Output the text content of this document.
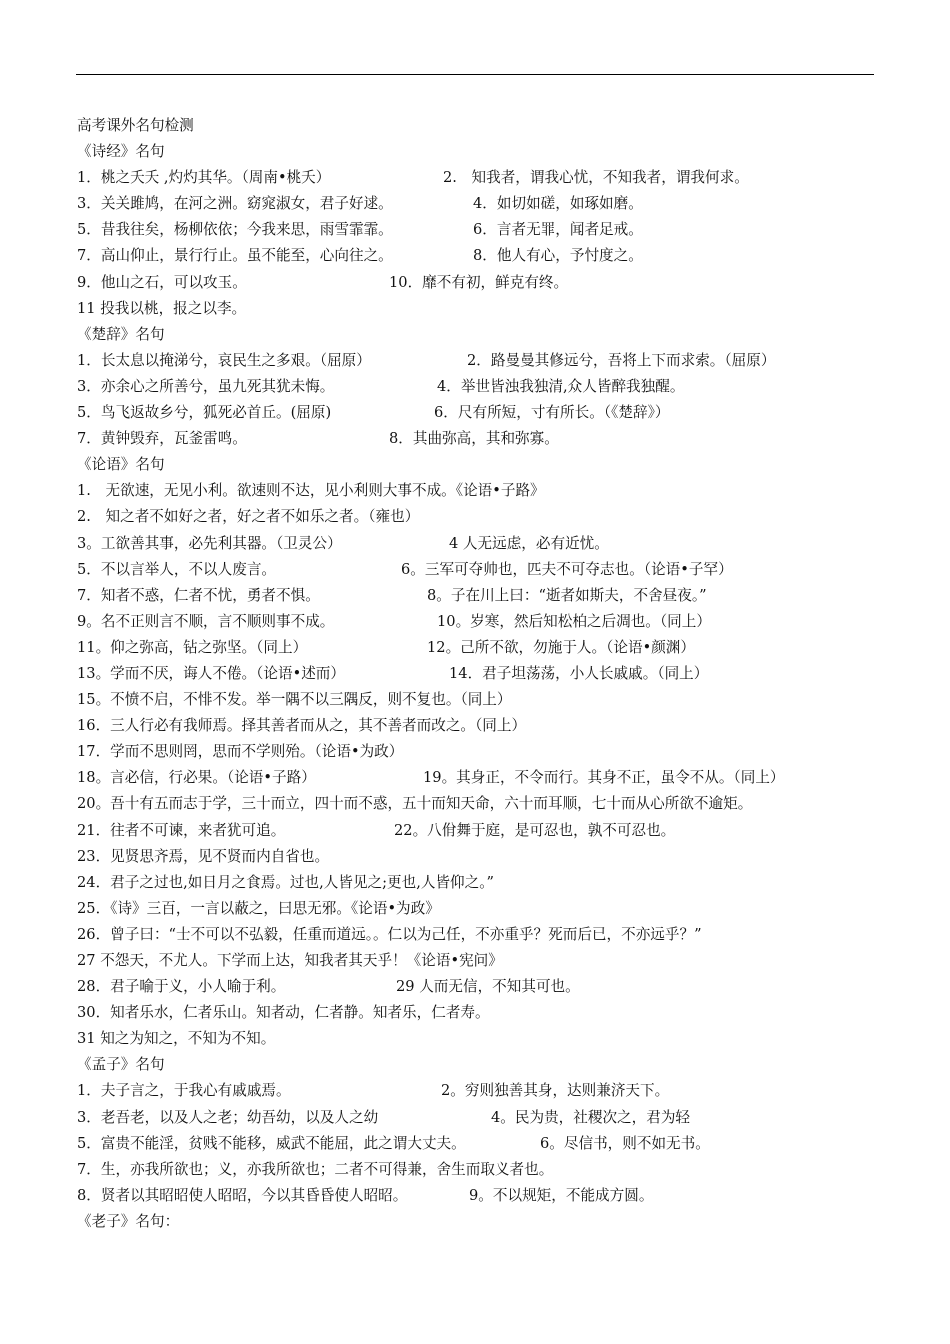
高考课外名句检测
《诗经》名句
1．桃之夭夭 ,灼灼其华。（周南•桃夭）	2.　知我者，谓我心忧，不知我者，谓我何求。
3．关关雎鸠，在河之洲。窈窕淑女，君子好逑。	4．如切如磋，如琢如磨。
5．昔我往矣，杨柳依依；今我来思，雨雪霏霏。	6．言者无罪，闻者足戒。
7．高山仰止，景行行止。虽不能至，心向往之。	8．他人有心，予忖度之。
9．他山之石，可以攻玉。	10．靡不有初，鲜克有终。
11 投我以桃，报之以李。
《楚辞》名句
1．长太息以掩涕兮，哀民生之多艰。（屈原）	2．路曼曼其修远兮，吾将上下而求索。（屈原）
3．亦余心之所善兮，虽九死其犹未悔。	4．举世皆浊我独清,众人皆醉我独醒。
5．鸟飞返故乡兮，狐死必首丘。(屈原)	6．尺有所短，寸有所长。（《楚辞》）
7．黄钟毁弃，瓦釜雷鸣。	8．其曲弥高，其和弥寡。
《论语》名句
1.　无欲速，无见小利。欲速则不达，见小利则大事不成。《论语•子路》
2.　知之者不如好之者，好之者不如乐之者。（雍也）
3。工欲善其事，必先利其器。（卫灵公）	4 人无远虑，必有近忧。
5．不以言举人，不以人废言。	6。三军可夺帅也，匹夫不可夺志也。（论语•子罕）
7．知者不惑，仁者不忧，勇者不惧。	8。子在川上曰：“逝者如斯夫，不舍昼夜。”
9。名不正则言不顺，言不顺则事不成。	10。岁寒，然后知松柏之后凋也。（同上）
11。仰之弥高，钻之弥坚。（同上）	12。己所不欲，勿施于人。（论语•颜渊）
13。学而不厌，诲人不倦。（论语•述而）	14．君子坦荡荡，小人长戚戚。（同上）
15。不愤不启，不悱不发。举一隅不以三隅反，则不复也。（同上）
16．三人行必有我师焉。择其善者而从之，其不善者而改之。（同上）
17．学而不思则罔，思而不学则殆。（论语•为政）
18。言必信，行必果。（论语•子路）	19。其身正，不令而行。其身不正，虽令不从。（同上）
20。吾十有五而志于学，三十而立，四十而不惑，五十而知天命，六十而耳顺，七十而从心所欲不逾矩。
21．往者不可谏，来者犹可追。	22。八佾舞于庭，是可忍也，孰不可忍也。
23．见贤思齐焉，见不贤而内自省也。
24．君子之过也,如日月之食焉。过也,人皆见之;更也,人皆仰之。”
25．《诗》三百，一言以蔽之，曰思无邪。《论语•为政》
26．曾子曰：“士不可以不弘毅，任重而道远。。仁以为己任，不亦重乎？死而后已，不亦远乎？”
27 不怨天，不尤人。下学而上达，知我者其天乎！《论语•宪问》
28．君子喻于义，小人喻于利。	29 人而无信，不知其可也。
30．知者乐水，仁者乐山。知者动，仁者静。知者乐，仁者寿。
31 知之为知之，不知为不知。
《孟子》名句
1．夫子言之，于我心有戚戚焉。	2。穷则独善其身，达则兼济天下。
3．老吾老，以及人之老；幼吾幼，以及人之幼	4。民为贵，社稷次之，君为轻
5．富贵不能淫，贫贱不能移，威武不能屈，此之谓大丈夫。	6。尽信书，则不如无书。
7．生，亦我所欲也；义，亦我所欲也；二者不可得兼，舍生而取义者也。
8．贤者以其昭昭使人昭昭，今以其昏昏使人昭昭。	9。不以规矩，不能成方圆。
《老子》名句：
